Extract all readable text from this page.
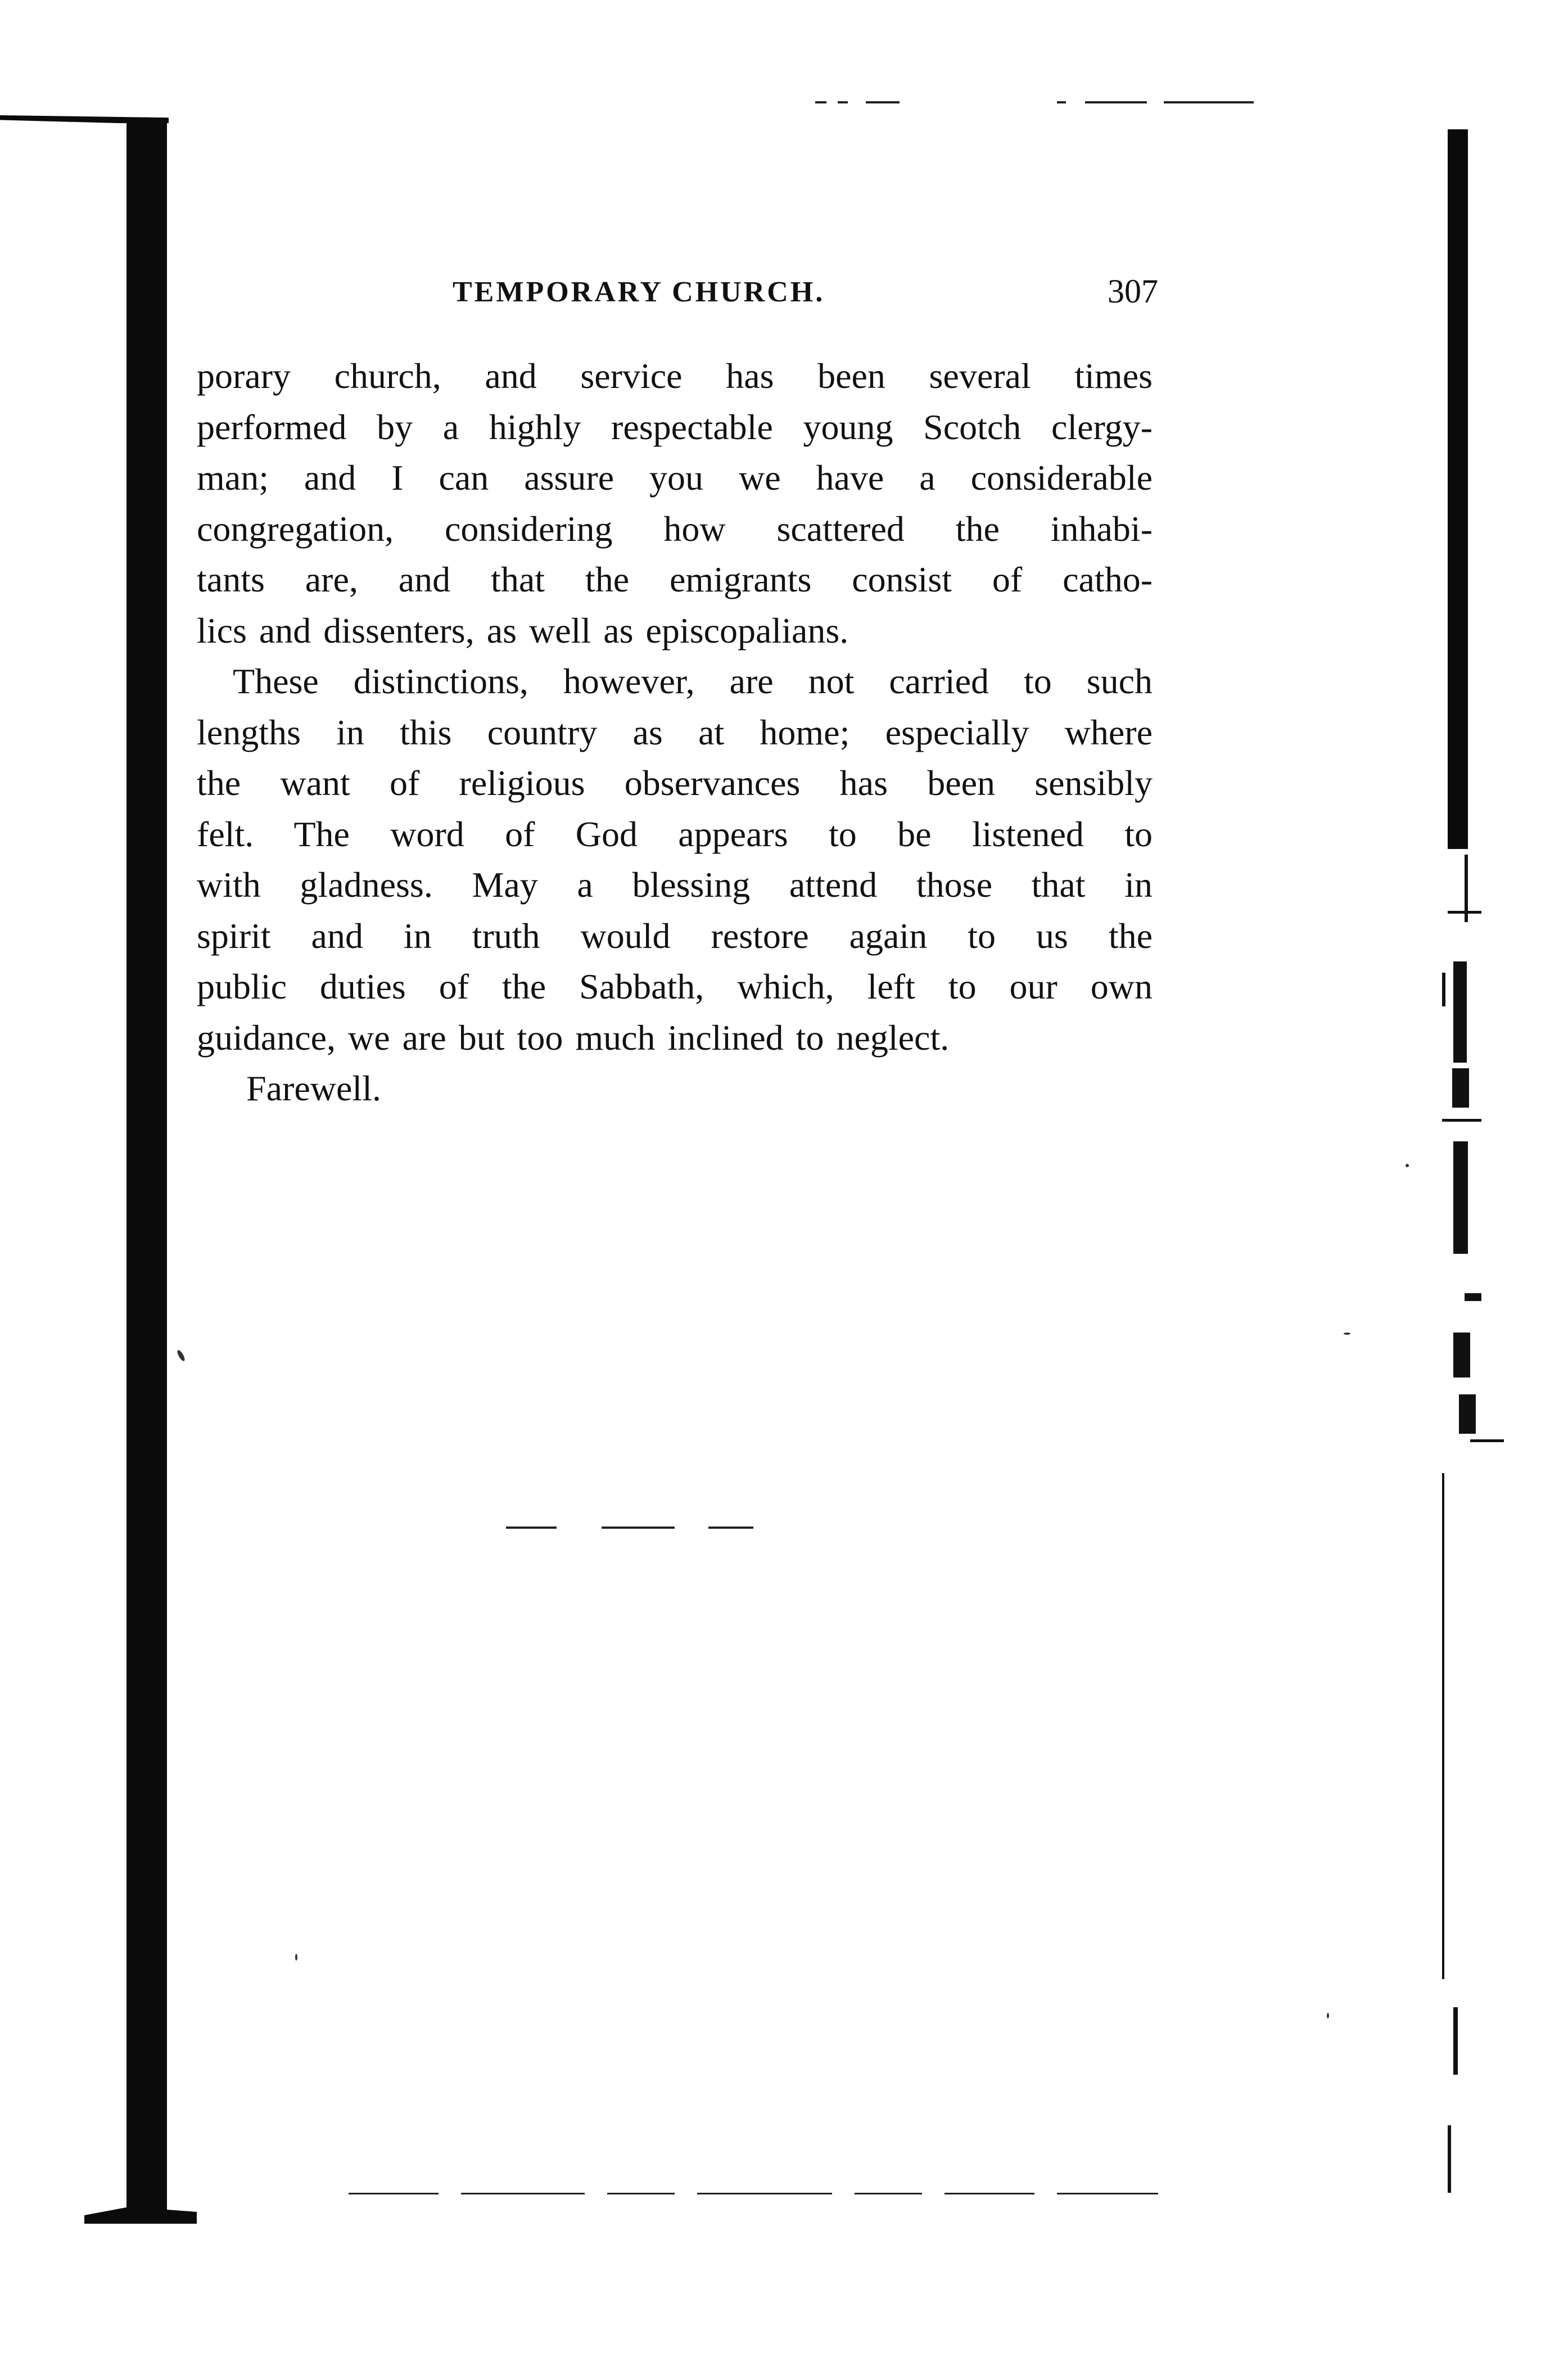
TEMPORARY CHURCH.	307

porary church, and service has been several times
performed by a highly respectable young Scotch clergy-
man; and I can assure you we have a considerable
congregation, considering how scattered the inhabi-
tants are, and that the emigrants consist of catho-
lics and dissenters, as well as episcopalians.

These distinctions, however, are not carried to such
lengths in this country as at home; especially where
the want of religious observances has been sensibly
felt. The word of God appears to be listened to
with gladness. May a blessing attend those that in
spirit and in truth would restore again to us the
public duties of the Sabbath, which, left to our own
guidance, we are but too much inclined to neglect.

Farewell.
